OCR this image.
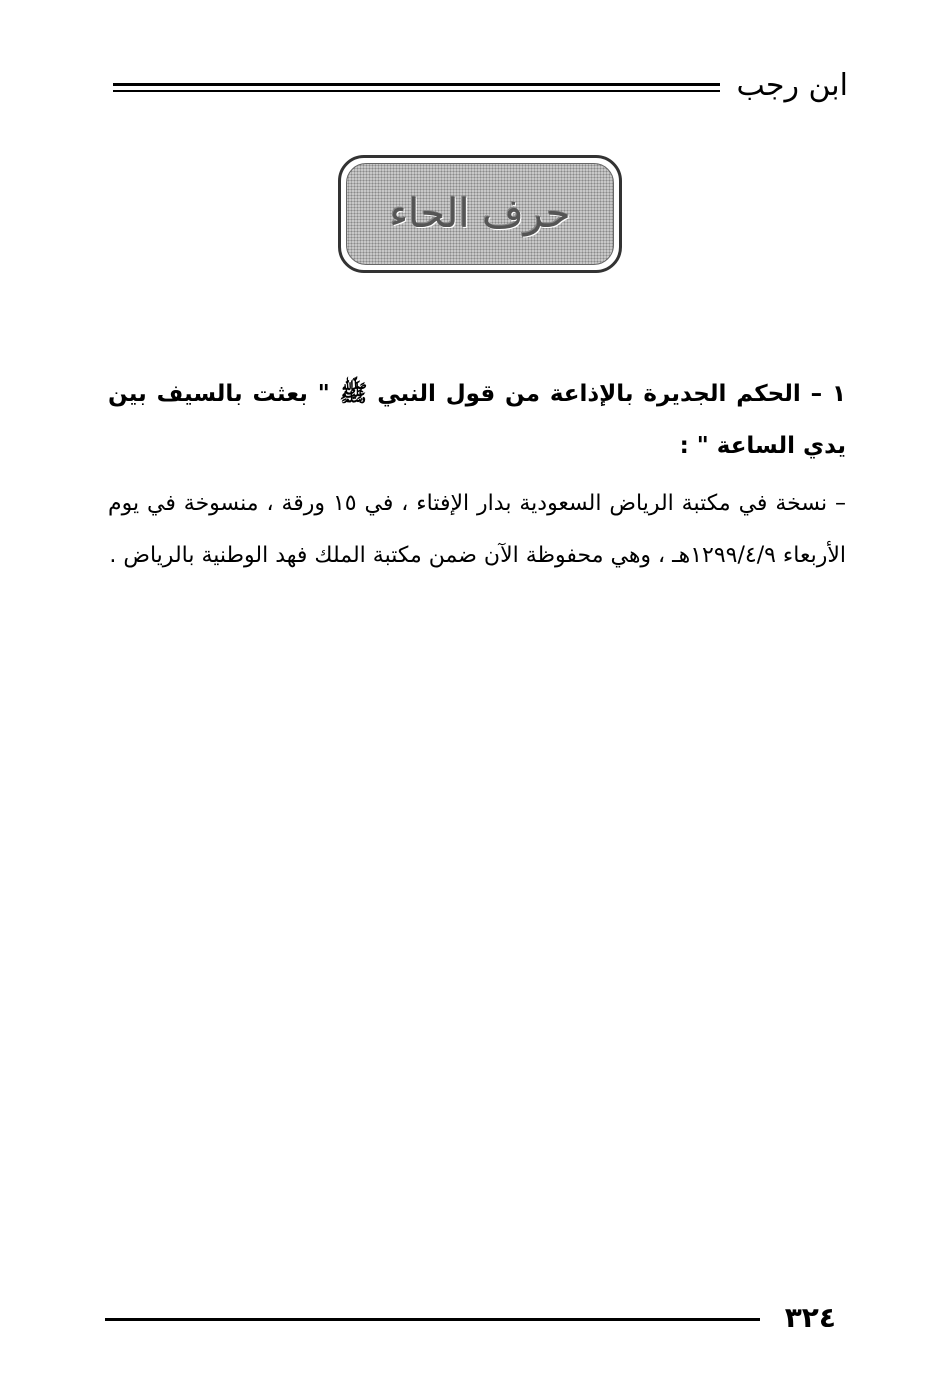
ابن رجب
حرف الحاء

١ – الحكم الجديرة بالإذاعة من قول النبي ﷺ " بعثت بالسيف بين يدي الساعة " :

– نسخة في مكتبة الرياض السعودية بدار الإفتاء ، في ١٥ ورقة ، منسوخة في يوم الأربعاء ١٢٩٩/٤/٩هـ ، وهي محفوظة الآن ضمن مكتبة الملك فهد الوطنية بالرياض .

٣٢٤
